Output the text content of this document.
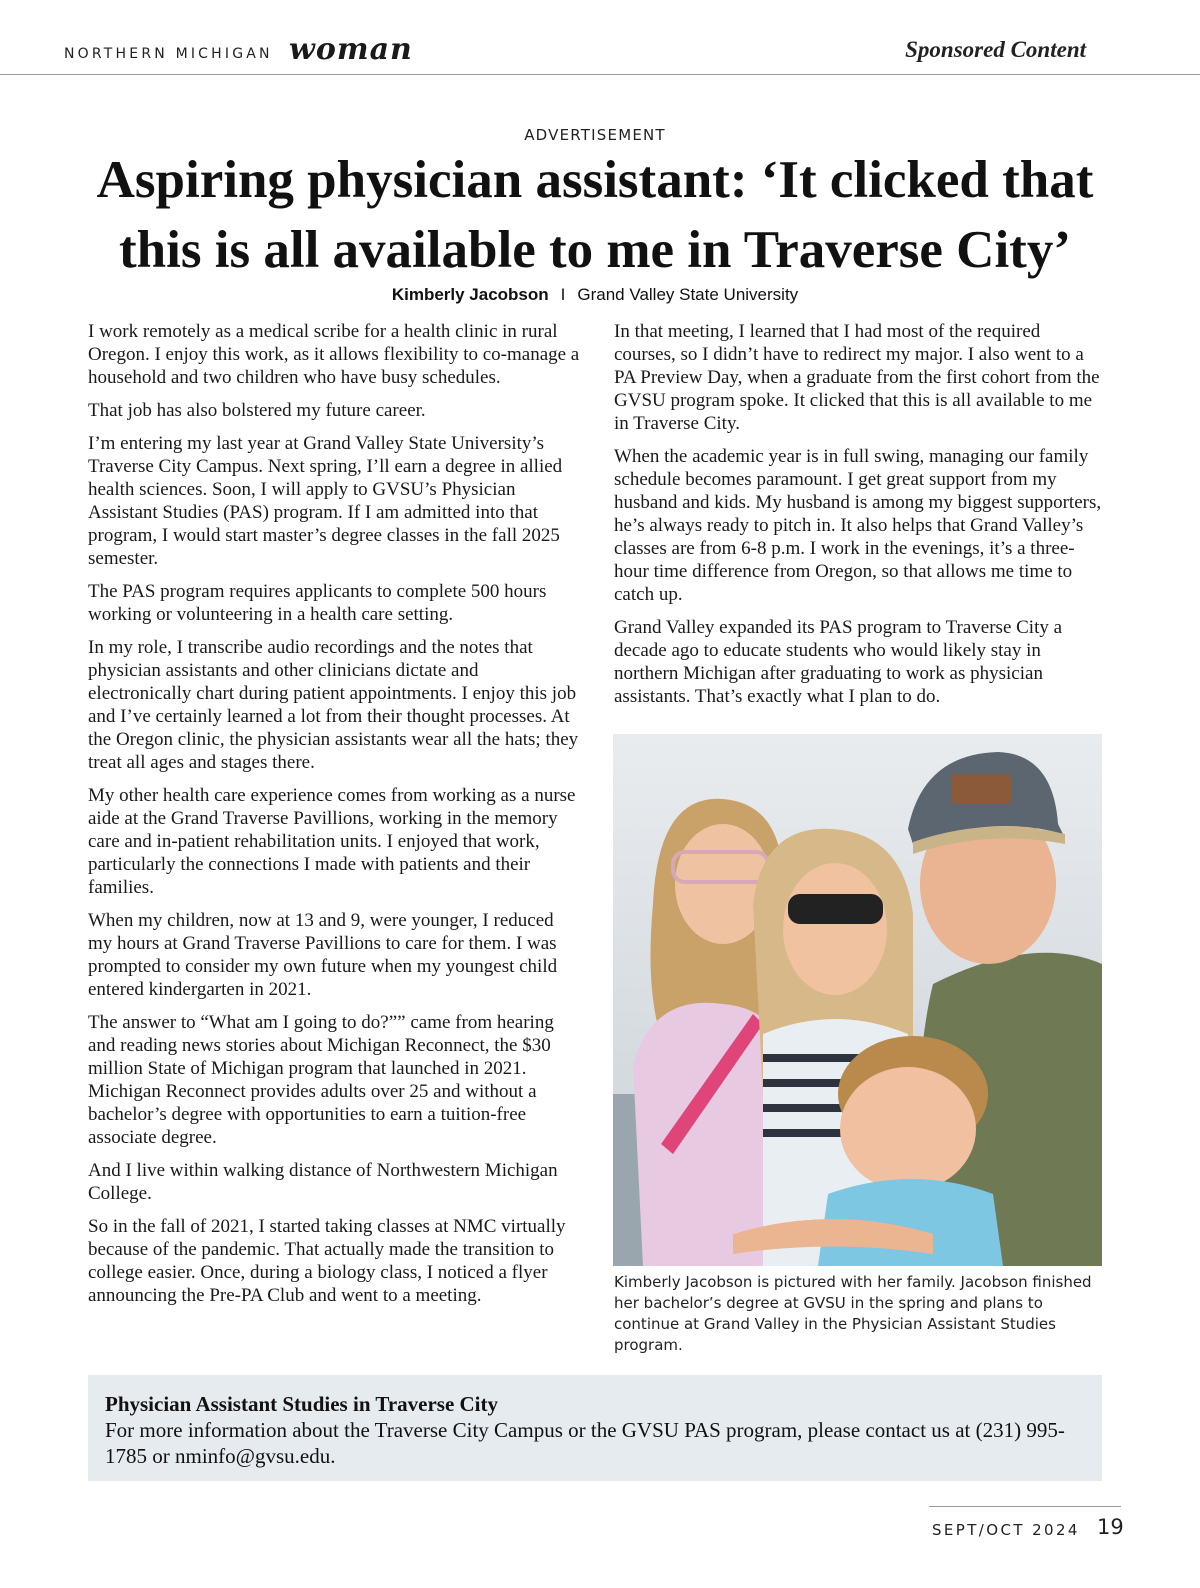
NORTHERN MICHIGAN woman	Sponsored Content
ADVERTISEMENT
Aspiring physician assistant: ‘It clicked that
this is all available to me in Traverse City’
Kimberly Jacobson I Grand Valley State University

I work remotely as a medical scribe for a health clinic in rural Oregon. I enjoy this work, as it allows flexibility to co-manage a household and two children who have busy schedules.

That job has also bolstered my future career.

I’m entering my last year at Grand Valley State University’s Traverse City Campus. Next spring, I’ll earn a degree in allied health sciences. Soon, I will apply to GVSU’s Physician Assistant Studies (PAS) program. If I am admitted into that program, I would start master’s degree classes in the fall 2025 semester.

The PAS program requires applicants to complete 500 hours working or volunteering in a health care setting.

In my role, I transcribe audio recordings and the notes that physician assistants and other clinicians dictate and electronically chart during patient appointments. I enjoy this job and I’ve certainly learned a lot from their thought processes. At the Oregon clinic, the physician assistants wear all the hats; they treat all ages and stages there.

My other health care experience comes from working as a nurse aide at the Grand Traverse Pavillions, working in the memory care and in-patient rehabilitation units. I enjoyed that work, particularly the connections I made with patients and their families.

When my children, now at 13 and 9, were younger, I reduced my hours at Grand Traverse Pavillions to care for them. I was prompted to consider my own future when my youngest child entered kindergarten in 2021.

The answer to “What am I going to do?”” came from hearing and reading news stories about Michigan Reconnect, the $30 million State of Michigan program that launched in 2021. Michigan Reconnect provides adults over 25 and without a bachelor’s degree with opportunities to earn a tuition-free associate degree.

And I live within walking distance of Northwestern Michigan College.

So in the fall of 2021, I started taking classes at NMC virtually because of the pandemic. That actually made the transition to college easier. Once, during a biology class, I noticed a flyer announcing the Pre-PA Club and went to a meeting.

In that meeting, I learned that I had most of the required courses, so I didn’t have to redirect my major. I also went to a PA Preview Day, when a graduate from the first cohort from the GVSU program spoke. It clicked that this is all available to me in Traverse City.

When the academic year is in full swing, managing our family schedule becomes paramount. I get great support from my husband and kids. My husband is among my biggest supporters, he’s always ready to pitch in. It also helps that Grand Valley’s classes are from 6-8 p.m. I work in the evenings, it’s a three-hour time difference from Oregon, so that allows me time to catch up.

Grand Valley expanded its PAS program to Traverse City a decade ago to educate students who would likely stay in northern Michigan after graduating to work as physician assistants. That’s exactly what I plan to do.

Kimberly Jacobson is pictured with her family. Jacobson finished her bachelor’s degree at GVSU in the spring and plans to continue at Grand Valley in the Physician Assistant Studies program.
Physician Assistant Studies in Traverse City
For more information about the Traverse City Campus or the GVSU PAS program, please contact us at (231) 995-1785 or nminfo@gvsu.edu.
SEPT/OCT 2024 19
